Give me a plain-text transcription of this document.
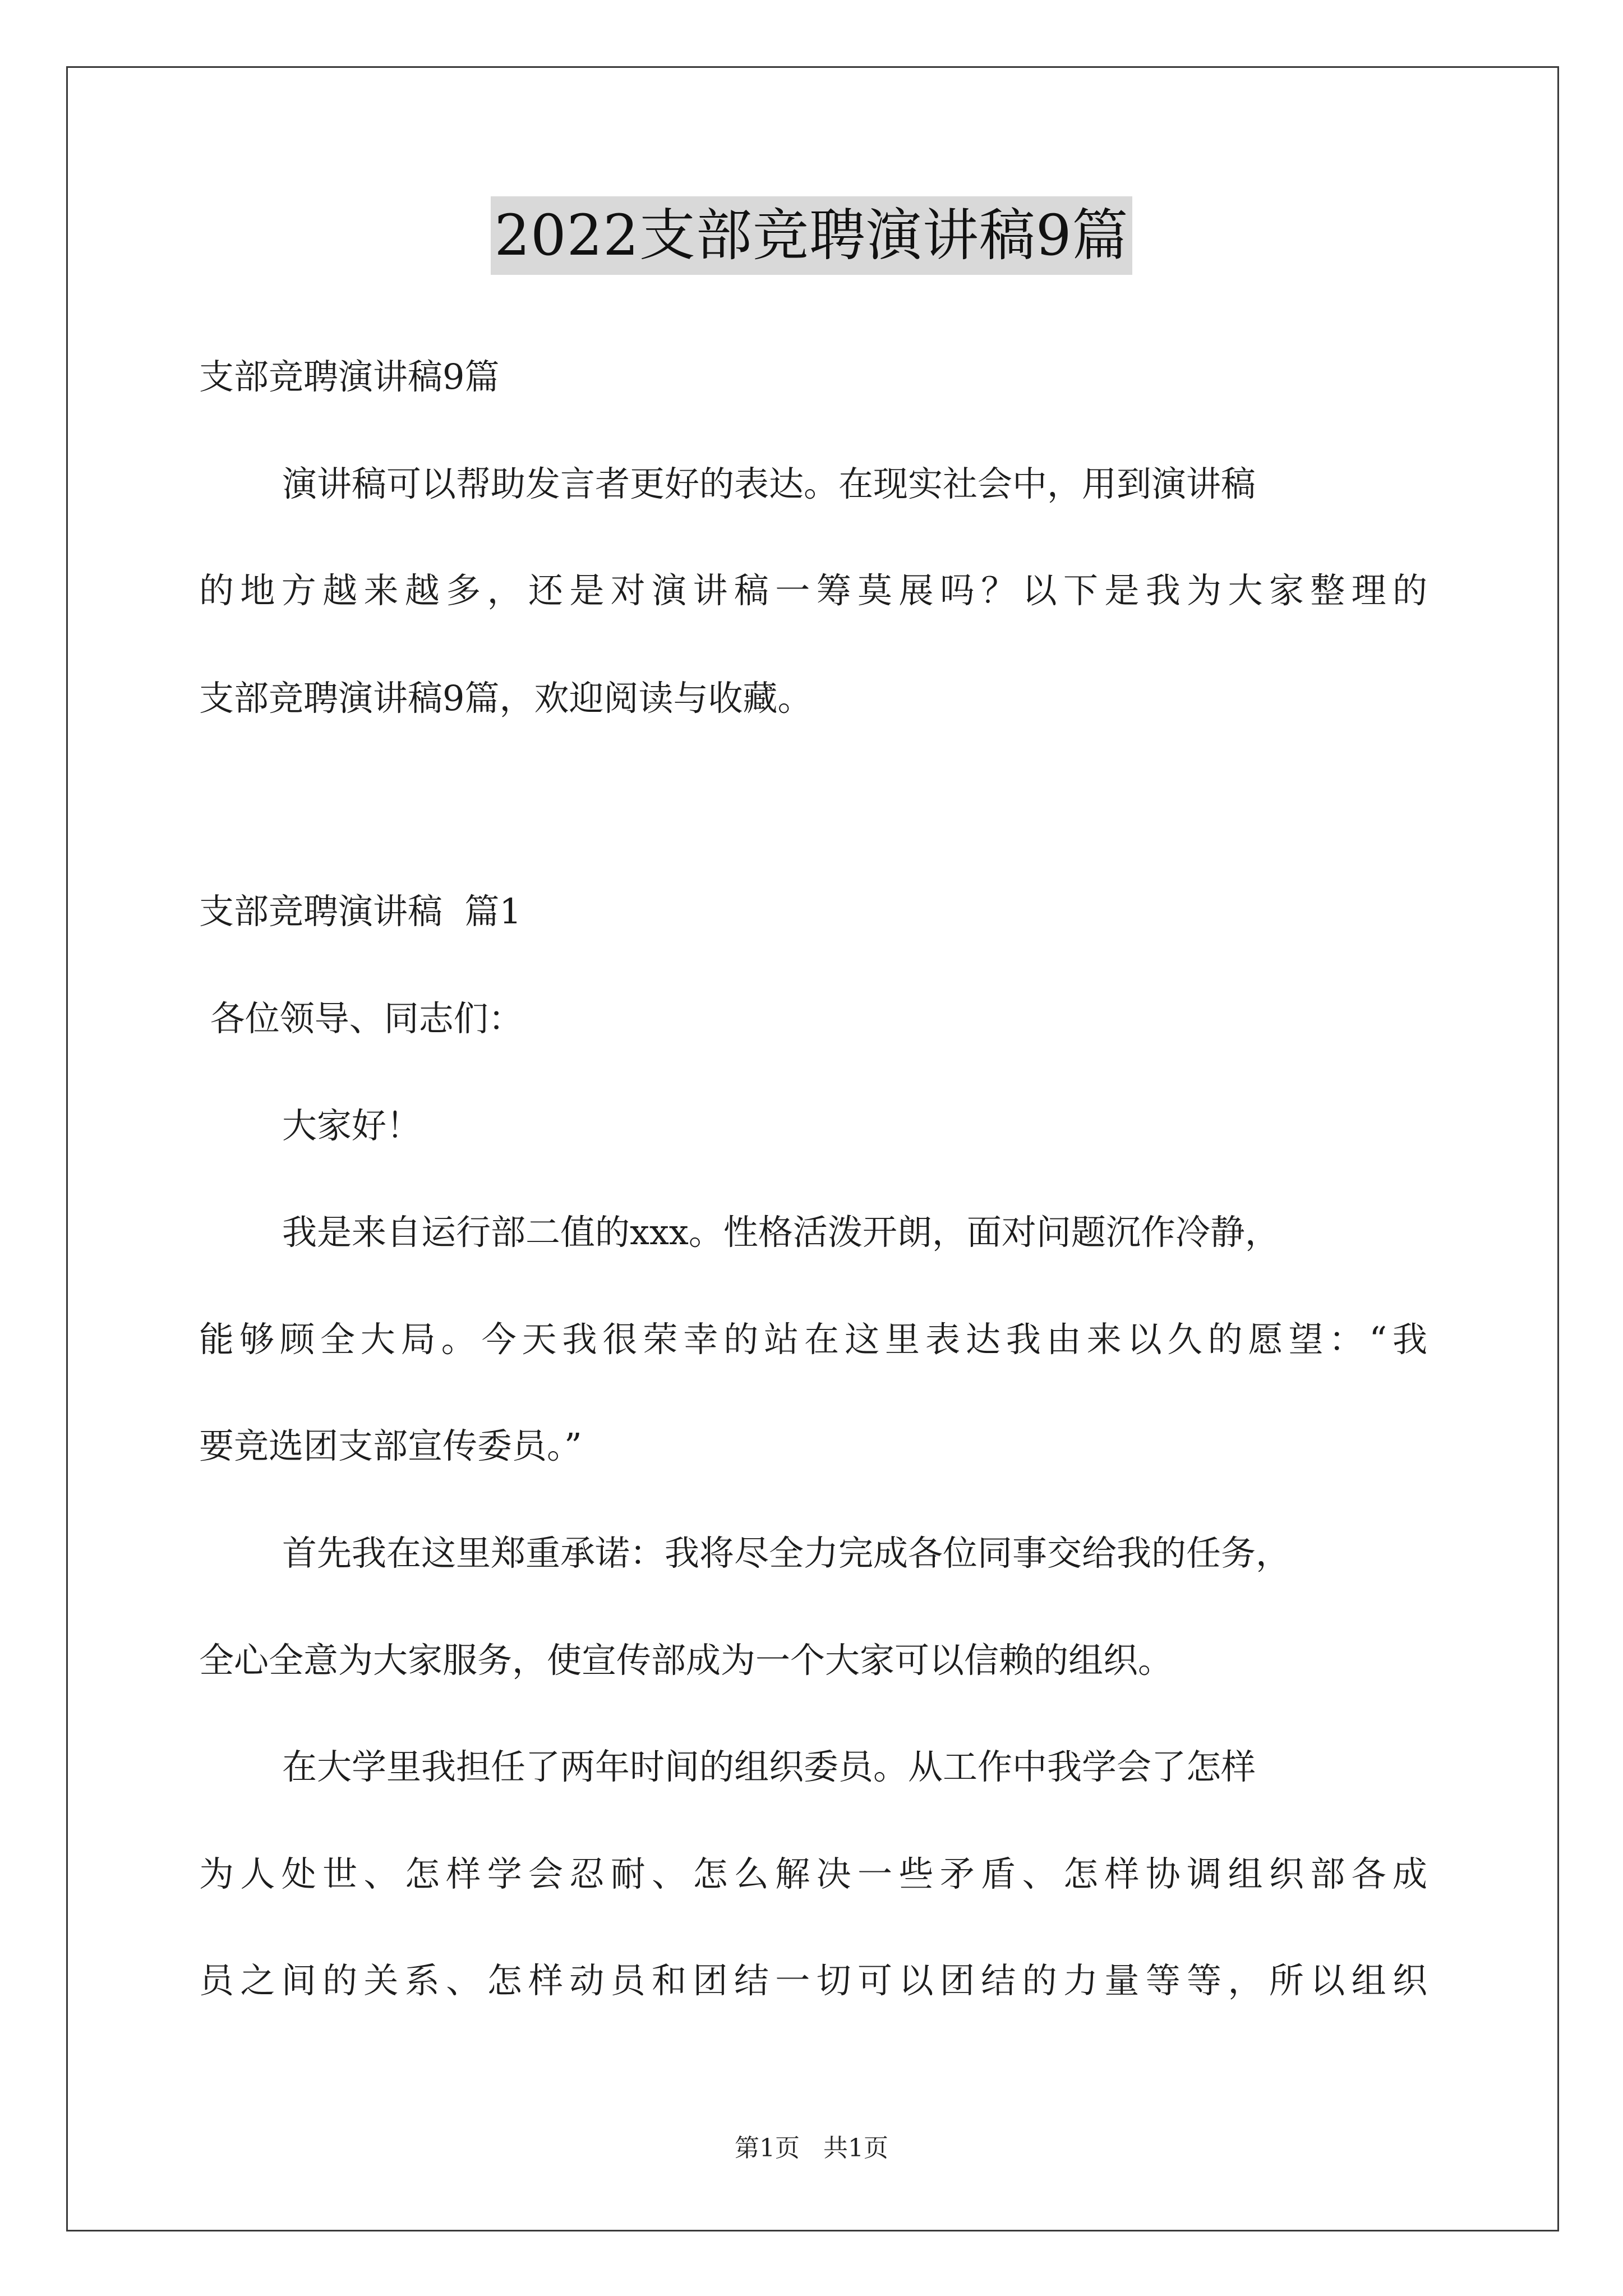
2022支部竞聘演讲稿9篇
支部竞聘演讲稿9篇
演讲稿可以帮助发言者更好的表达。在现实社会中，用到演讲稿
的地方越来越多，还是对演讲稿一筹莫展吗？以下是我为大家整理的
支部竞聘演讲稿9篇，欢迎阅读与收藏。
支部竞聘演讲稿  篇1
各位领导、同志们：
大家好！
我是来自运行部二值的xxx。性格活泼开朗，面对问题沉作冷静，
能够顾全大局。今天我很荣幸的站在这里表达我由来以久的愿望：“我
要竞选团支部宣传委员。”
首先我在这里郑重承诺：我将尽全力完成各位同事交给我的任务，
全心全意为大家服务，使宣传部成为一个大家可以信赖的组织。
在大学里我担任了两年时间的组织委员。从工作中我学会了怎样
为人处世、怎样学会忍耐、怎么解决一些矛盾、怎样协调组织部各成
员之间的关系、怎样动员和团结一切可以团结的力量等等，所以组织
第1页   共1页
